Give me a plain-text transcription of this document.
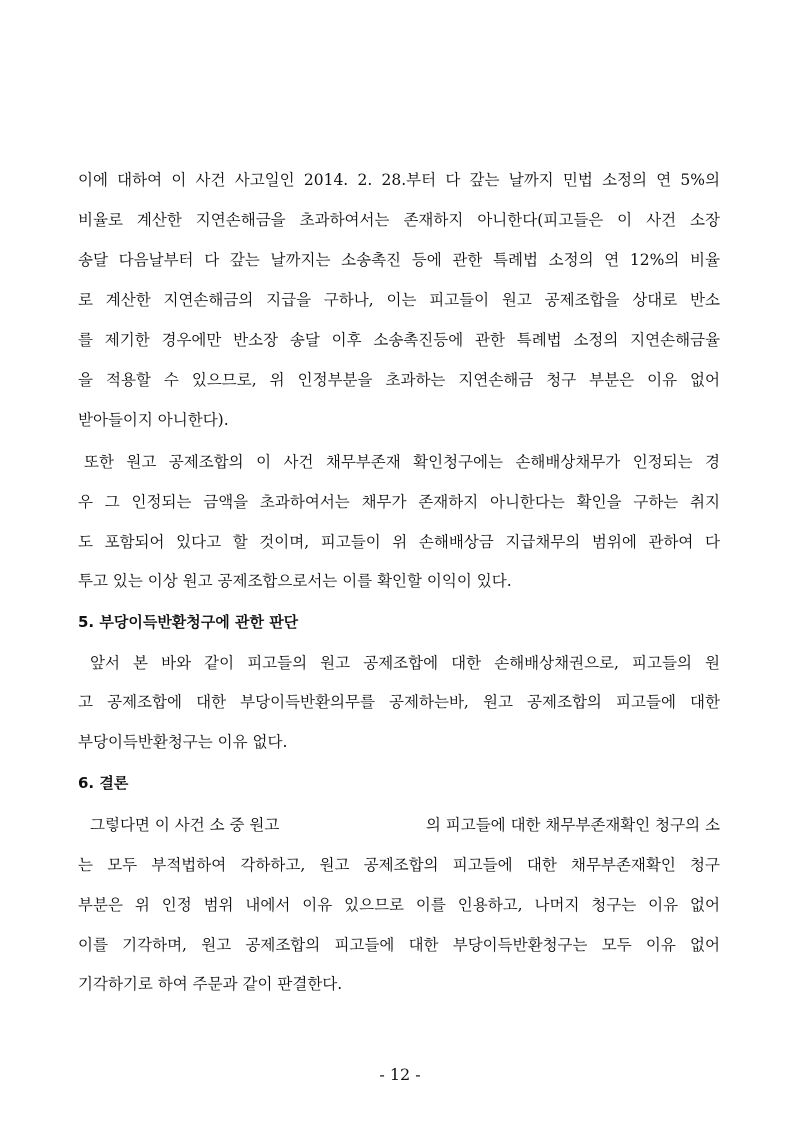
이에 대하여 이 사건 사고일인 2014. 2. 28.부터 다 갚는 날까지 민법 소정의 연 5%의
비율로 계산한 지연손해금을 초과하여서는 존재하지 아니한다(피고들은 이 사건 소장
송달 다음날부터 다 갚는 날까지는 소송촉진 등에 관한 특례법 소정의 연 12%의 비율
로 계산한 지연손해금의 지급을 구하나, 이는 피고들이 원고 공제조합을 상대로 반소
를 제기한 경우에만 반소장 송달 이후 소송촉진등에 관한 특례법 소정의 지연손해금율
을 적용할 수 있으므로, 위 인정부분을 초과하는 지연손해금 청구 부분은 이유 없어
받아들이지 아니한다).
또한 원고 공제조합의 이 사건 채무부존재 확인청구에는 손해배상채무가 인정되는 경
우 그 인정되는 금액을 초과하여서는 채무가 존재하지 아니한다는 확인을 구하는 취지
도 포함되어 있다고 할 것이며, 피고들이 위 손해배상금 지급채무의 범위에 관하여 다
투고 있는 이상 원고 공제조합으로서는 이를 확인할 이익이 있다.
5. 부당이득반환청구에 관한 판단
앞서 본 바와 같이 피고들의 원고 공제조합에 대한 손해배상채권으로, 피고들의 원
고 공제조합에 대한 부당이득반환의무를 공제하는바, 원고 공제조합의 피고들에 대한
부당이득반환청구는 이유 없다.
6. 결론
그렇다면 이 사건 소 중 원고	의 피고들에 대한 채무부존재확인 청구의 소
는 모두 부적법하여 각하하고, 원고 공제조합의 피고들에 대한 채무부존재확인 청구
부분은 위 인정 범위 내에서 이유 있으므로 이를 인용하고, 나머지 청구는 이유 없어
이를 기각하며, 원고 공제조합의 피고들에 대한 부당이득반환청구는 모두 이유 없어
기각하기로 하여 주문과 같이 판결한다.
- 12 -
